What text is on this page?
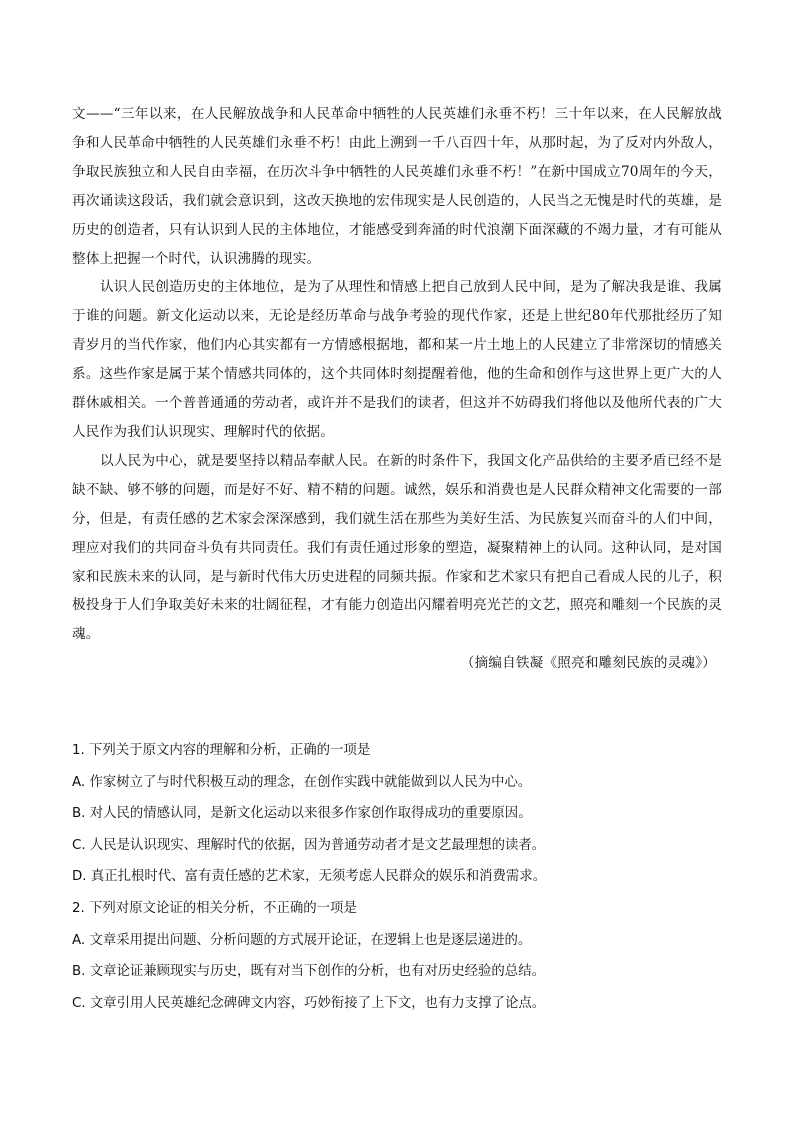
文——“三年以来，在人民解放战争和人民革命中牺牲的人民英雄们永垂不朽！三十年以来，在人民解放战争和人民革命中牺牲的人民英雄们永垂不朽！由此上溯到一千八百四十年，从那时起，为了反对内外敌人，争取民族独立和人民自由幸福，在历次斗争中牺牲的人民英雄们永垂不朽！”在新中国成立70周年的今天，再次诵读这段话，我们就会意识到，这改天换地的宏伟现实是人民创造的，人民当之无愧是时代的英雄，是历史的创造者，只有认识到人民的主体地位，才能感受到奔涌的时代浪潮下面深藏的不竭力量，才有可能从整体上把握一个时代，认识沸腾的现实。

认识人民创造历史的主体地位，是为了从理性和情感上把自己放到人民中间，是为了解决我是谁、我属于谁的问题。新文化运动以来，无论是经历革命与战争考验的现代作家，还是上世纪80年代那批经历了知青岁月的当代作家，他们内心其实都有一方情感根据地，都和某一片土地上的人民建立了非常深切的情感关系。这些作家是属于某个情感共同体的，这个共同体时刻提醒着他，他的生命和创作与这世界上更广大的人群休戚相关。一个普普通通的劳动者，或许并不是我们的读者，但这并不妨碍我们将他以及他所代表的广大人民作为我们认识现实、理解时代的依据。

以人民为中心，就是要坚持以精品奉献人民。在新的时条件下，我国文化产品供给的主要矛盾已经不是缺不缺、够不够的问题，而是好不好、精不精的问题。诚然，娱乐和消费也是人民群众精神文化需要的一部分，但是，有责任感的艺术家会深深感到，我们就生活在那些为美好生活、为民族复兴而奋斗的人们中间，理应对我们的共同奋斗负有共同责任。我们有责任通过形象的塑造，凝聚精神上的认同。这种认同，是对国家和民族未来的认同，是与新时代伟大历史进程的同频共振。作家和艺术家只有把自己看成人民的儿子，积极投身于人们争取美好未来的壮阔征程，才有能力创造出闪耀着明亮光芒的文艺，照亮和雕刻一个民族的灵魂。

（摘编自铁凝《照亮和雕刻民族的灵魂》）

1. 下列关于原文内容的理解和分析，正确的一项是

A. 作家树立了与时代积极互动的理念，在创作实践中就能做到以人民为中心。

B. 对人民的情感认同，是新文化运动以来很多作家创作取得成功的重要原因。

C. 人民是认识现实、理解时代的依据，因为普通劳动者才是文艺最理想的读者。

D. 真正扎根时代、富有责任感的艺术家，无须考虑人民群众的娱乐和消费需求。

2. 下列对原文论证的相关分析，不正确的一项是

A. 文章采用提出问题、分析问题的方式展开论证，在逻辑上也是逐层递进的。

B. 文章论证兼顾现实与历史，既有对当下创作的分析，也有对历史经验的总结。

C. 文章引用人民英雄纪念碑碑文内容，巧妙衔接了上下文，也有力支撑了论点。
